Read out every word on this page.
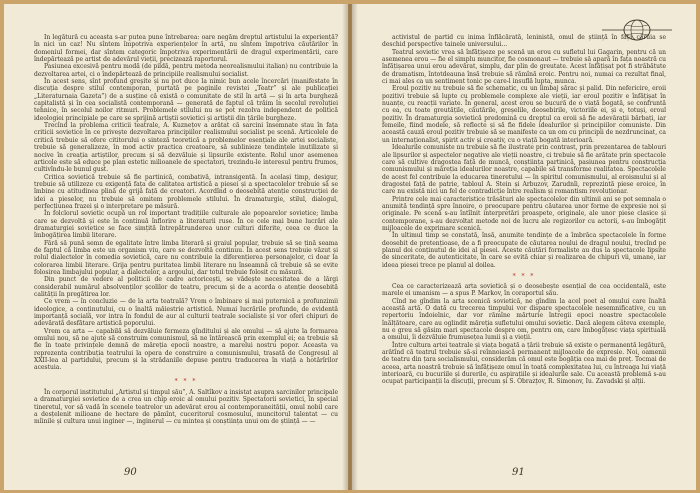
In legătură cu aceasta s-ar putea pune întrebarea: oare negăm dreptul artistului la experiență? în nici un caz! Nu sîntem împotriva experiențelor în artă, nu sîntem împotriva căutărilor în domeniul formei, dar sîntem categoric împotriva experimentării de dragul experimentării, care îndepărtează pe artist de adevărul vieții, precizează raportorul.

Pasiunea excesivă pentru modă (de pildă, pentru metoda neorealismului italian) nu contribuie la dezvoltarea artei, ci o îndepărtează de principiile realismului socialist.

În acest sens, sînt profund greșite și nu pot duce la nimic bun acele încercări (manifestate în discuția despre stilul contemporan, purtată pe paginile revistei „Teatr” și ale publicației „Literaturnaia Gazeta”) de a susține că există o comunitate de stil în artă — și în arta burgheză capitalistă și în cea socialistă contemporană — generată de faptul că trăim în secolul revoluției tehnice, în secolul noilor ritmuri. Problemele stilului nu se pot rezolva independent de politică ideologiei principiale pe care se sprijină artiștii sovietici și artiștii din țările burgheze.

Trecînd la problema criticii teatrale, A. Kuznețov a arătat că sarcini însemnate stau în fața criticii sovietice în ce privește dezvoltarea principiilor realismului socialist pe scenă. Articolele de critică trebuie să ofere cititorului o sinteză teoretică a problemelor esențiale ale artei socialiste, trebuie să generalizeze, în mod activ practica creatoare, să sublinieze tendințele inutilizate și nocive în creația artiștilor, precum și să dezvăluie și lipsurile existente. Rolul unor asemenea articole este să educe pe plan estetic milioanele de spectatori, trezindu-le interesul pentru frumos, cultivîndu-le bunul gust.

Critica sovietică trebuie să fie partinică, combativă, intransigentă. În același timp, desigur, trebuie să utilizeze cu exigență fața de calitatea artistică a piesei și a spectacolelor trebuie să se îmbine cu atitudinea plină de grijă față de creatori. Acordînd o deosebită atenție construcției de idei a pieselor, nu trebuie să omitem problemele stilului. În dramaturgie, stilul, dialogul, perfecțiunea frazei și o interpretare pe măsură.

În folclorul sovietic ocupă un rol important tradițiile culturale ale popoarelor sovietice; limba care se dezvoltă și este în continuă înflorire a literaturii ruse. În ce cele mai bune lucrări ale dramaturgiei sovietice se face simțită întrepătrunderea unor culturi diferite, ceea ce duce la îmbogățirea limbii literare.

Fără să pună semn de egalitate între limba literară și graiul popular, trebuie să se țină seama de faptul că limba este un organism viu, care se dezvoltă continuu. În acest sens trebuie văzut și rolul dialectelor în comedia sovietică, care nu contribuie la diferențierea personajelor, ci doar la colorarea limbii literare. Grija pentru puritatea limbii literare nu înseamnă că trebuie să se evite folosirea limbajului popular, a dialectelor, a argoului, dar totul trebuie folosit cu măsură.

Din punct de vedere al politicii de cadre actoricești, se vădește necesitatea de a lărgi considerabil numărul absolvenților școlilor de teatru, precum și de a acorda o atenție deosebită calității în pregătirea lor.

Ce vrem — în concluzie — de la arta teatrală? Vrem o îmbinare și mai puternică a profunzimii ideologice, a conținutului, cu o înaltă măiestrie artistică. Numai lucrările profunde, de evidentă importanță socială, vor intra în fondul de aur al culturii teatrale socialiste și vor oferi chipuri de adevărată desfătare artistică poporului.

Vrem ca arta — capabilă să dezvăluie fermeza gînditului și ale omului — să ajute la formarea omului nou, să ne ajute să construim comunismul, să ne întărească prin exemplul ei; ea trebuie să fie în toate privințele demnă de măreția epocii noastre, a marelui nostru popor. Aceasta va reprezenta contribuția teatrului la opera de construire a comunismului, trasată de Congresul al XXII-lea al partidului, precum și la strădaniile depuse pentru traducerea în viață a hotărîrilor acestuia.

* * *

În corporul institutului „Artistul și timpul său”, A. Saltîkov a insistat asupra sarcinilor principale a dramaturgiei sovietice de a crea un chip eroic al omului pozitiv. Spectatorii sovietici, în special tineretul, vor să vadă în scenele teatrelor un adevărat erou al contemporaneității, omul nobil care a desțelenit milioane de hectare de pămînt, cuceritorul cosmosului, muncitorul talentat — cu mîinile și cultura unui inginer —, inginerul — cu mintea și conștiința unui om de știință — —

90

activistul de partid cu inima înflăcărată, leninistă, omul de știință în fața căruia se deschid perspective tainele universului...

Teatrul sovietic vrea să înfățișeze pe scenă un erou cu sufletul lui Gagarin, pentru că un asemenea erou — fie el simplu muncitor, fie cosmonaut — trebuie să apară în fața noastră cu înfățișarea unui erou adevărat, simplu, dar plin de greutate. Acest înfățișat pot fi străbătute de dramatism, întotdeauna însă trebuie să rămînă eroic. Pentru noi, numai ca rezultat final, ci mai ales ca un sentiment tonic pe care-l insuflă lupta, munca.

Eroul pozitiv nu trebuie să fie schematic, cu un limbaj sărac și palid. Din nefericire, eroii pozitivi trebuie să lupte cu problemele complexe ale vieții, iar eroul pozitiv e înfățișat în nuanțe, cu reacții variate. În general, acest erou se bucură de o viață bogată, se confruntă cu ea, cu toate greutățile, căutările, greșelile, deosebirile, victoriile ei, și e, totuși, eroul pozitiv. În dramaturgia sovietică predomină cu dreptul ca eroii să fie adevărații bărbați, iar femeile, fiind modele, să reflecte și să fie fidele idealurilor și principiilor comuniste. Din această cauză eroul pozitiv trebuie să se manifeste ca un om cu principii de nezdruncinat, ca un internaționalist, spirit activ și creativ, cu o viață bogată interioară.

Idealurile comuniste nu trebuie să fie ilustrate prin contrast, prin prezentarea de tablouri ale lipsurilor și aspectelor negative ale vieții noastre, ci trebuie să fie arătate prin spectacole care să cultive dragostea față de muncă, conștiința partinică, pasiunea pentru construcția comunismului și măreția idealurilor noastre, capabile să transforme realitatea. Spectacolele de acest fel contribuie la educarea tineretului — în spiritul comunismului, al eroismului și al dragostei față de patrie, tabloul A. Stein și Arbuzov, Zarudnîi, reprezintă piese eroice, în care nu există nici un fel de contradicție între realism și romantism revoluționar.

Printre cele mai caracteristice trăsături ale spectacolelor din ultimii ani se pot semnala o anumită tendință spre înnoire, o preocupare pentru căutarea unor forme de expresie noi și originale. Pe scenă s-au întîlnit interpretări proaspete, originale, ale unor piese clasice și contemporane, s-au dezvoltat metode noi de lucru ale regizorilor cu actorii, s-au îmbogățit mijloacele de exprimare scenică.

În ultimul timp se constată, însă, anumite tendințe de a îmbrăca spectacolele în forme deosebit de pretențioase, de a fi preocupate de căutarea noului de dragul noului, trecînd pe planul doi conținutul de idei al piesei. Aceste căutări formaliste au dus la spectacole lipsite de sinceritate, de autenticitate, în care se evită chiar și realizarea de chipuri vii, umane, iar ideea piesei trece pe planul al doilea.

* * *

Cea ce caracterizează arta sovietică și o deosebește esențial de cea occidentală, este marele ei umanism — a spus P. Markov, în coraportul său.

Cînd ne gîndim la arta scenică sovietică, ne gîndim la acel poet al omului care înaltă această artă. O dată cu trecerea timpului vor dispare spectacolele nesemnificative, cu un repertoriu îndoielnic, dar vor rămîne mărturie întregii epoci noastre spectacolele înălțătoare, care au oglindit măreția sufletului omului sovietic. Dacă alegem câteva exemple, nu e greu să găsim mari spectacole despre om, pentru om, care îmbogățesc viața spirituală a omului, îi dezvăluie frumusețea lumii și a vieții.

Între cultura artei teatrale și viața bogată a țării trebuie să existe o permanentă legătură, arătînd că teatrul trebuie să-și reînnoiască permanent mijloacele de expresie. Noi, oamenii de teatru din țara socialismului, considerăm că omul este bogăția cea mai de preț. Tocmai de aceea, arta noastră trebuie să înfățișeze omul în toată complexitatea lui, cu întreaga lui viață interioară, cu bucuriile și durerile, cu aspirațiile și idealurile sale. Cu această problemă s-au ocupat participanții la discuții, precum și S. Obrazțov, R. Simonov, Iu. Zavadski și alții.

91
